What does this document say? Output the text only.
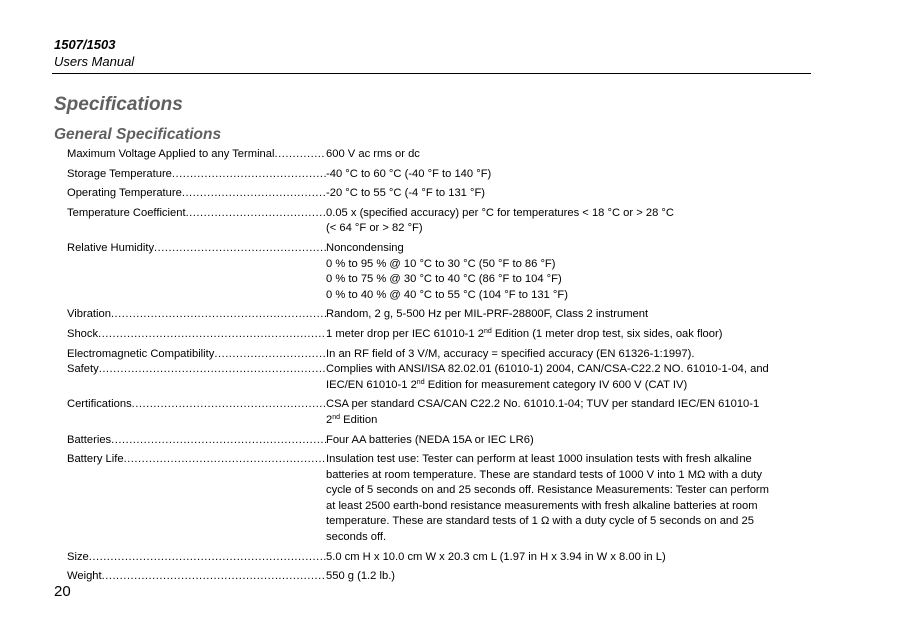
1507/1503
Users Manual
Specifications
General Specifications
Maximum Voltage Applied to any Terminal .....	600 V ac rms or dc
Storage Temperature .....	-40 °C to 60 °C (-40 °F to 140 °F)
Operating Temperature .....	-20 °C to 55 °C (-4 °F to 131 °F)
Temperature Coefficient .....	0.05 x (specified accuracy) per °C for temperatures < 18 °C or > 28 °C
(< 64 °F or > 82 °F)
Relative Humidity .....	Noncondensing
0 % to 95 % @ 10 °C to 30 °C (50 °F to 86 °F)
0 % to 75 % @ 30 °C to 40 °C (86 °F to 104 °F)
0 % to 40 % @ 40 °C to 55 °C (104 °F to 131 °F)
Vibration .....	Random, 2 g, 5-500 Hz per MIL-PRF-28800F, Class 2 instrument
Shock .....	1 meter drop per IEC 61010-1 2nd Edition (1 meter drop test, six sides, oak floor)
Electromagnetic Compatibility .....	In an RF field of 3 V/M, accuracy = specified accuracy (EN 61326-1:1997).
Safety .....	Complies with ANSI/ISA 82.02.01 (61010-1) 2004, CAN/CSA-C22.2 NO. 61010-1-04, and
IEC/EN 61010-1 2nd Edition for measurement category IV 600 V (CAT IV)
Certifications .....	CSA per standard CSA/CAN C22.2 No. 61010.1-04; TUV per standard IEC/EN 61010-1
2nd Edition
Batteries .....	Four AA batteries (NEDA 15A or IEC LR6)
Battery Life .....	Insulation test use: Tester can perform at least 1000 insulation tests with fresh alkaline
batteries at room temperature. These are standard tests of 1000 V into 1 MΩ with a duty
cycle of 5 seconds on and 25 seconds off. Resistance Measurements: Tester can perform
at least 2500 earth-bond resistance measurements with fresh alkaline batteries at room
temperature. These are standard tests of 1 Ω with a duty cycle of 5 seconds on and 25
seconds off.
Size .....	5.0 cm H x 10.0 cm W x 20.3 cm L (1.97 in H x 3.94 in W x 8.00 in L)
Weight .....	550 g (1.2 lb.)
20
